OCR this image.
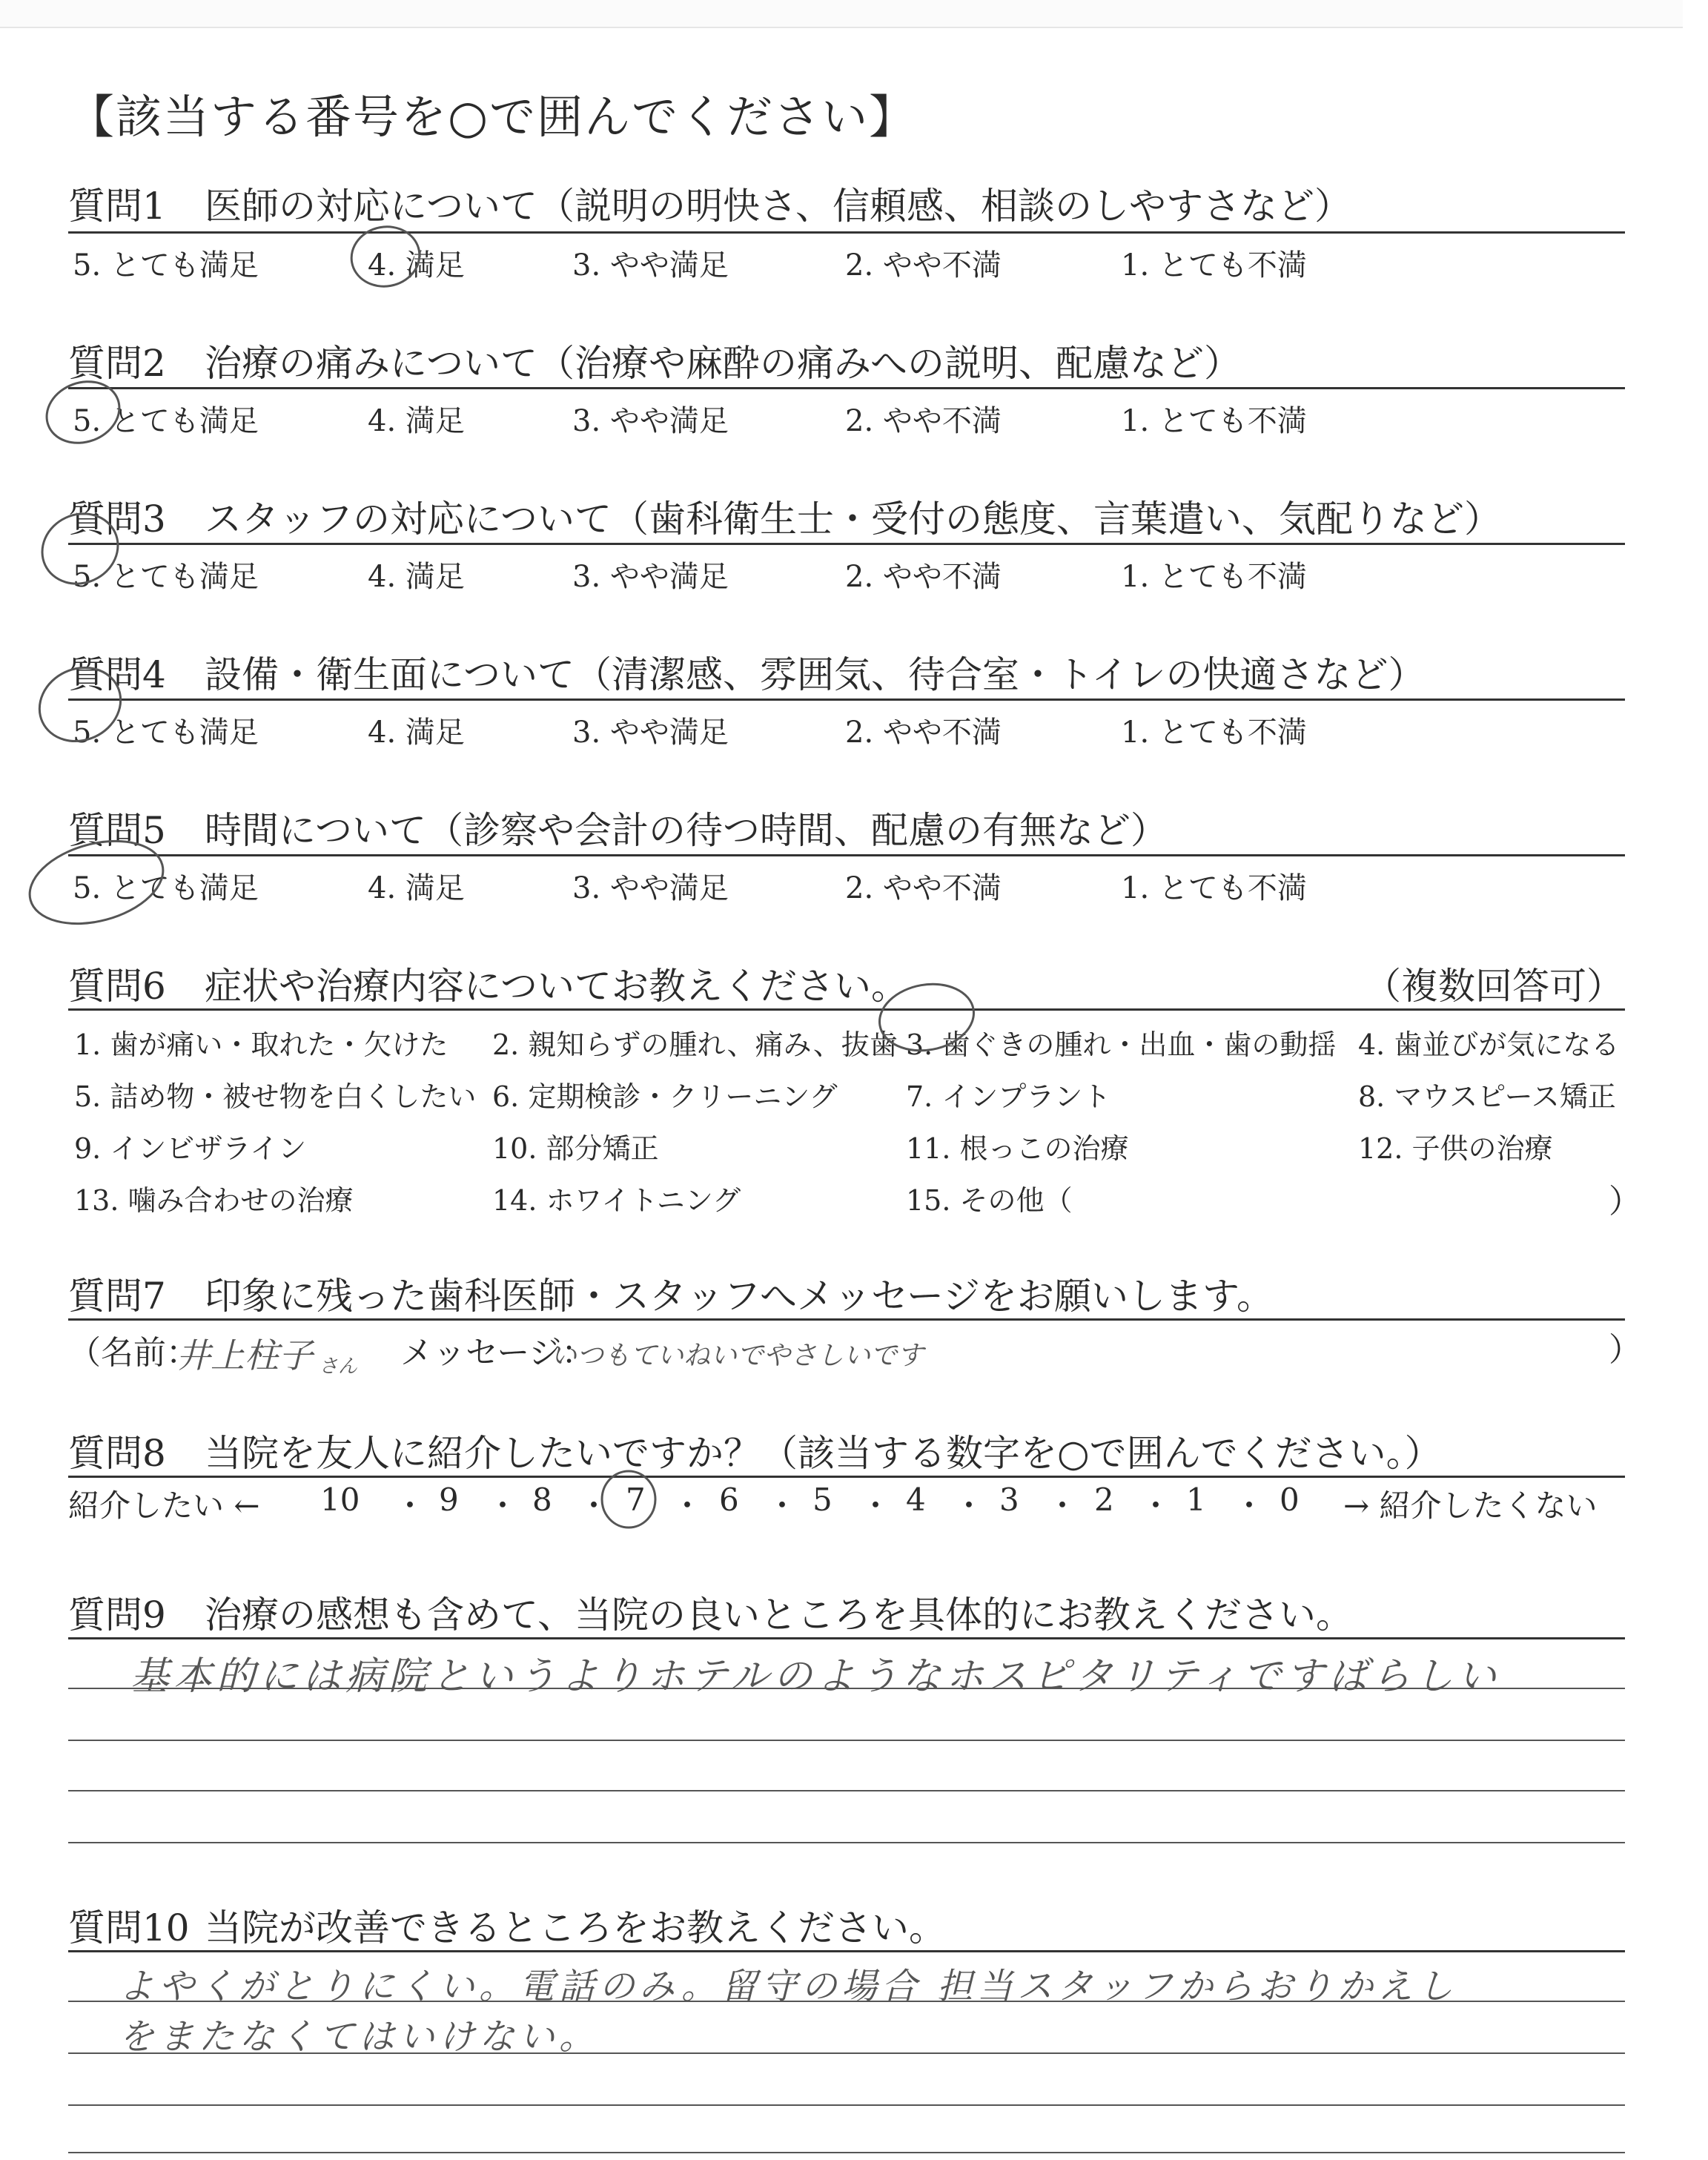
【該当する番号を○で囲んでください】
質問1 医師の対応について（説明の明快さ、信頼感、相談のしやすさなど）
5. とても満足	4. 満足	3. やや満足	2. やや不満	1. とても不満
質問2 治療の痛みについて（治療や麻酔の痛みへの説明、配慮など）
5. とても満足	4. 満足	3. やや満足	2. やや不満	1. とても不満
質問3 スタッフの対応について（歯科衛生士・受付の態度、言葉遣い、気配りなど）
5. とても満足	4. 満足	3. やや満足	2. やや不満	1. とても不満
質問4 設備・衛生面について（清潔感、雰囲気、待合室・トイレの快適さなど）
5. とても満足	4. 満足	3. やや満足	2. やや不満	1. とても不満
質問5 時間について（診察や会計の待つ時間、配慮の有無など）
5. とても満足	4. 満足	3. やや満足	2. やや不満	1. とても不満
質問6 症状や治療内容についてお教えください。	（複数回答可）
1. 歯が痛い・取れた・欠けた 2. 親知らずの腫れ、痛み、抜歯 3. 歯ぐきの腫れ・出血・歯の動揺 4. 歯並びが気になる
5. 詰め物・被せ物を白くしたい 6. 定期検診・クリーニング 7. インプラント	8. マウスピース矯正
9. インビザライン	10. 部分矯正	11. 根っこの治療	12. 子供の治療
13. 噛み合わせの治療	14. ホワイトニング	15. その他（	）
質問7 印象に残った歯科医師・スタッフへメッセージをお願いします。
（名前：
井上柱子 さん メッセージ：
いつもていねいでやさしいです	）
質問8 当院を友人に紹介したいですか？（該当する数字を○で囲んでください。）
紹介したい ← 10 ・ 9 ・ 8 ・ 7 ・ 6 ・ 5 ・ 4 ・ 3 ・ 2 ・ 1 ・ 0 → 紹介したくない
質問9 治療の感想も含めて、当院の良いところを具体的にお教えください。
基本的には病院というよりホテルのようなホスピタリティですばらしい
質問10 当院が改善できるところをお教えください。
よやくがとりにくい。電話のみ。留守の場合 担当スタッフからおりかえし
をまたなくてはいけない。
